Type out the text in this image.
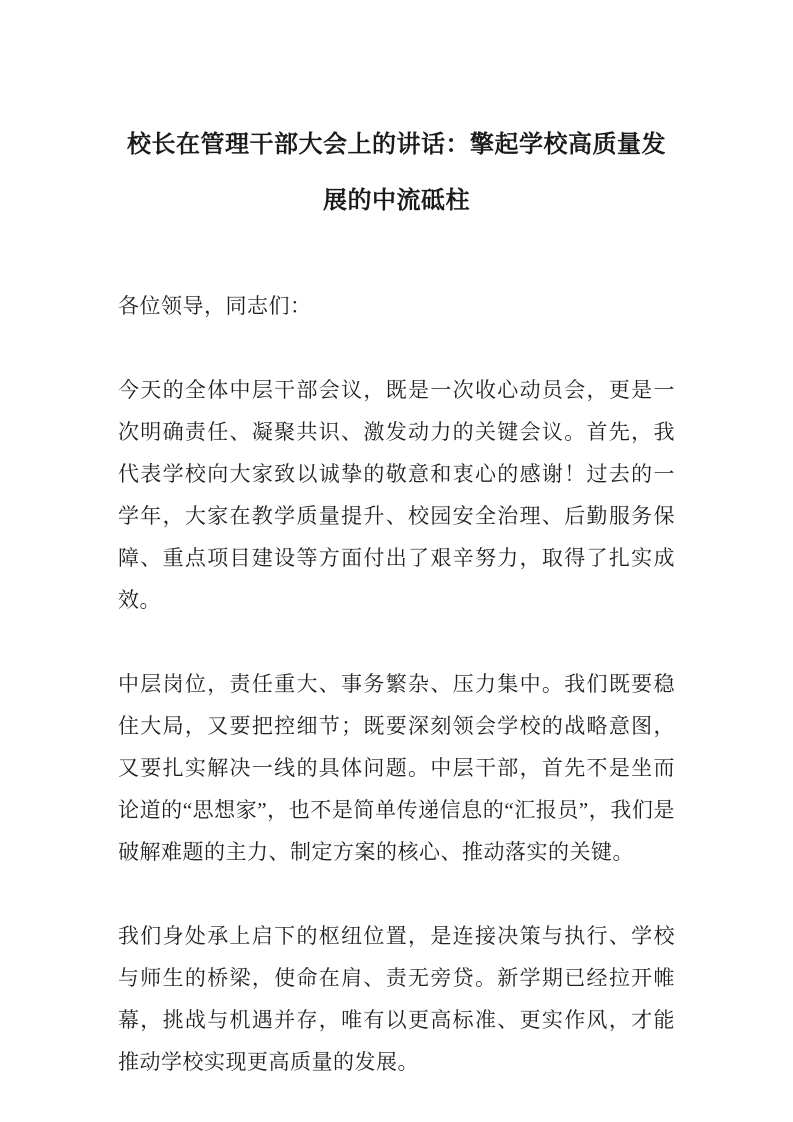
校长在管理干部大会上的讲话：擎起学校高质量发展的中流砥柱

各位领导，同志们：

今天的全体中层干部会议，既是一次收心动员会，更是一次明确责任、凝聚共识、激发动力的关键会议。首先，我代表学校向大家致以诚挚的敬意和衷心的感谢！过去的一学年，大家在教学质量提升、校园安全治理、后勤服务保障、重点项目建设等方面付出了艰辛努力，取得了扎实成效。

中层岗位，责任重大、事务繁杂、压力集中。我们既要稳住大局，又要把控细节；既要深刻领会学校的战略意图，又要扎实解决一线的具体问题。中层干部，首先不是坐而论道的“思想家”，也不是简单传递信息的“汇报员”，我们是破解难题的主力、制定方案的核心、推动落实的关键。

我们身处承上启下的枢纽位置，是连接决策与执行、学校与师生的桥梁，使命在肩、责无旁贷。新学期已经拉开帷幕，挑战与机遇并存，唯有以更高标准、更实作风，才能推动学校实现更高质量的发展。
